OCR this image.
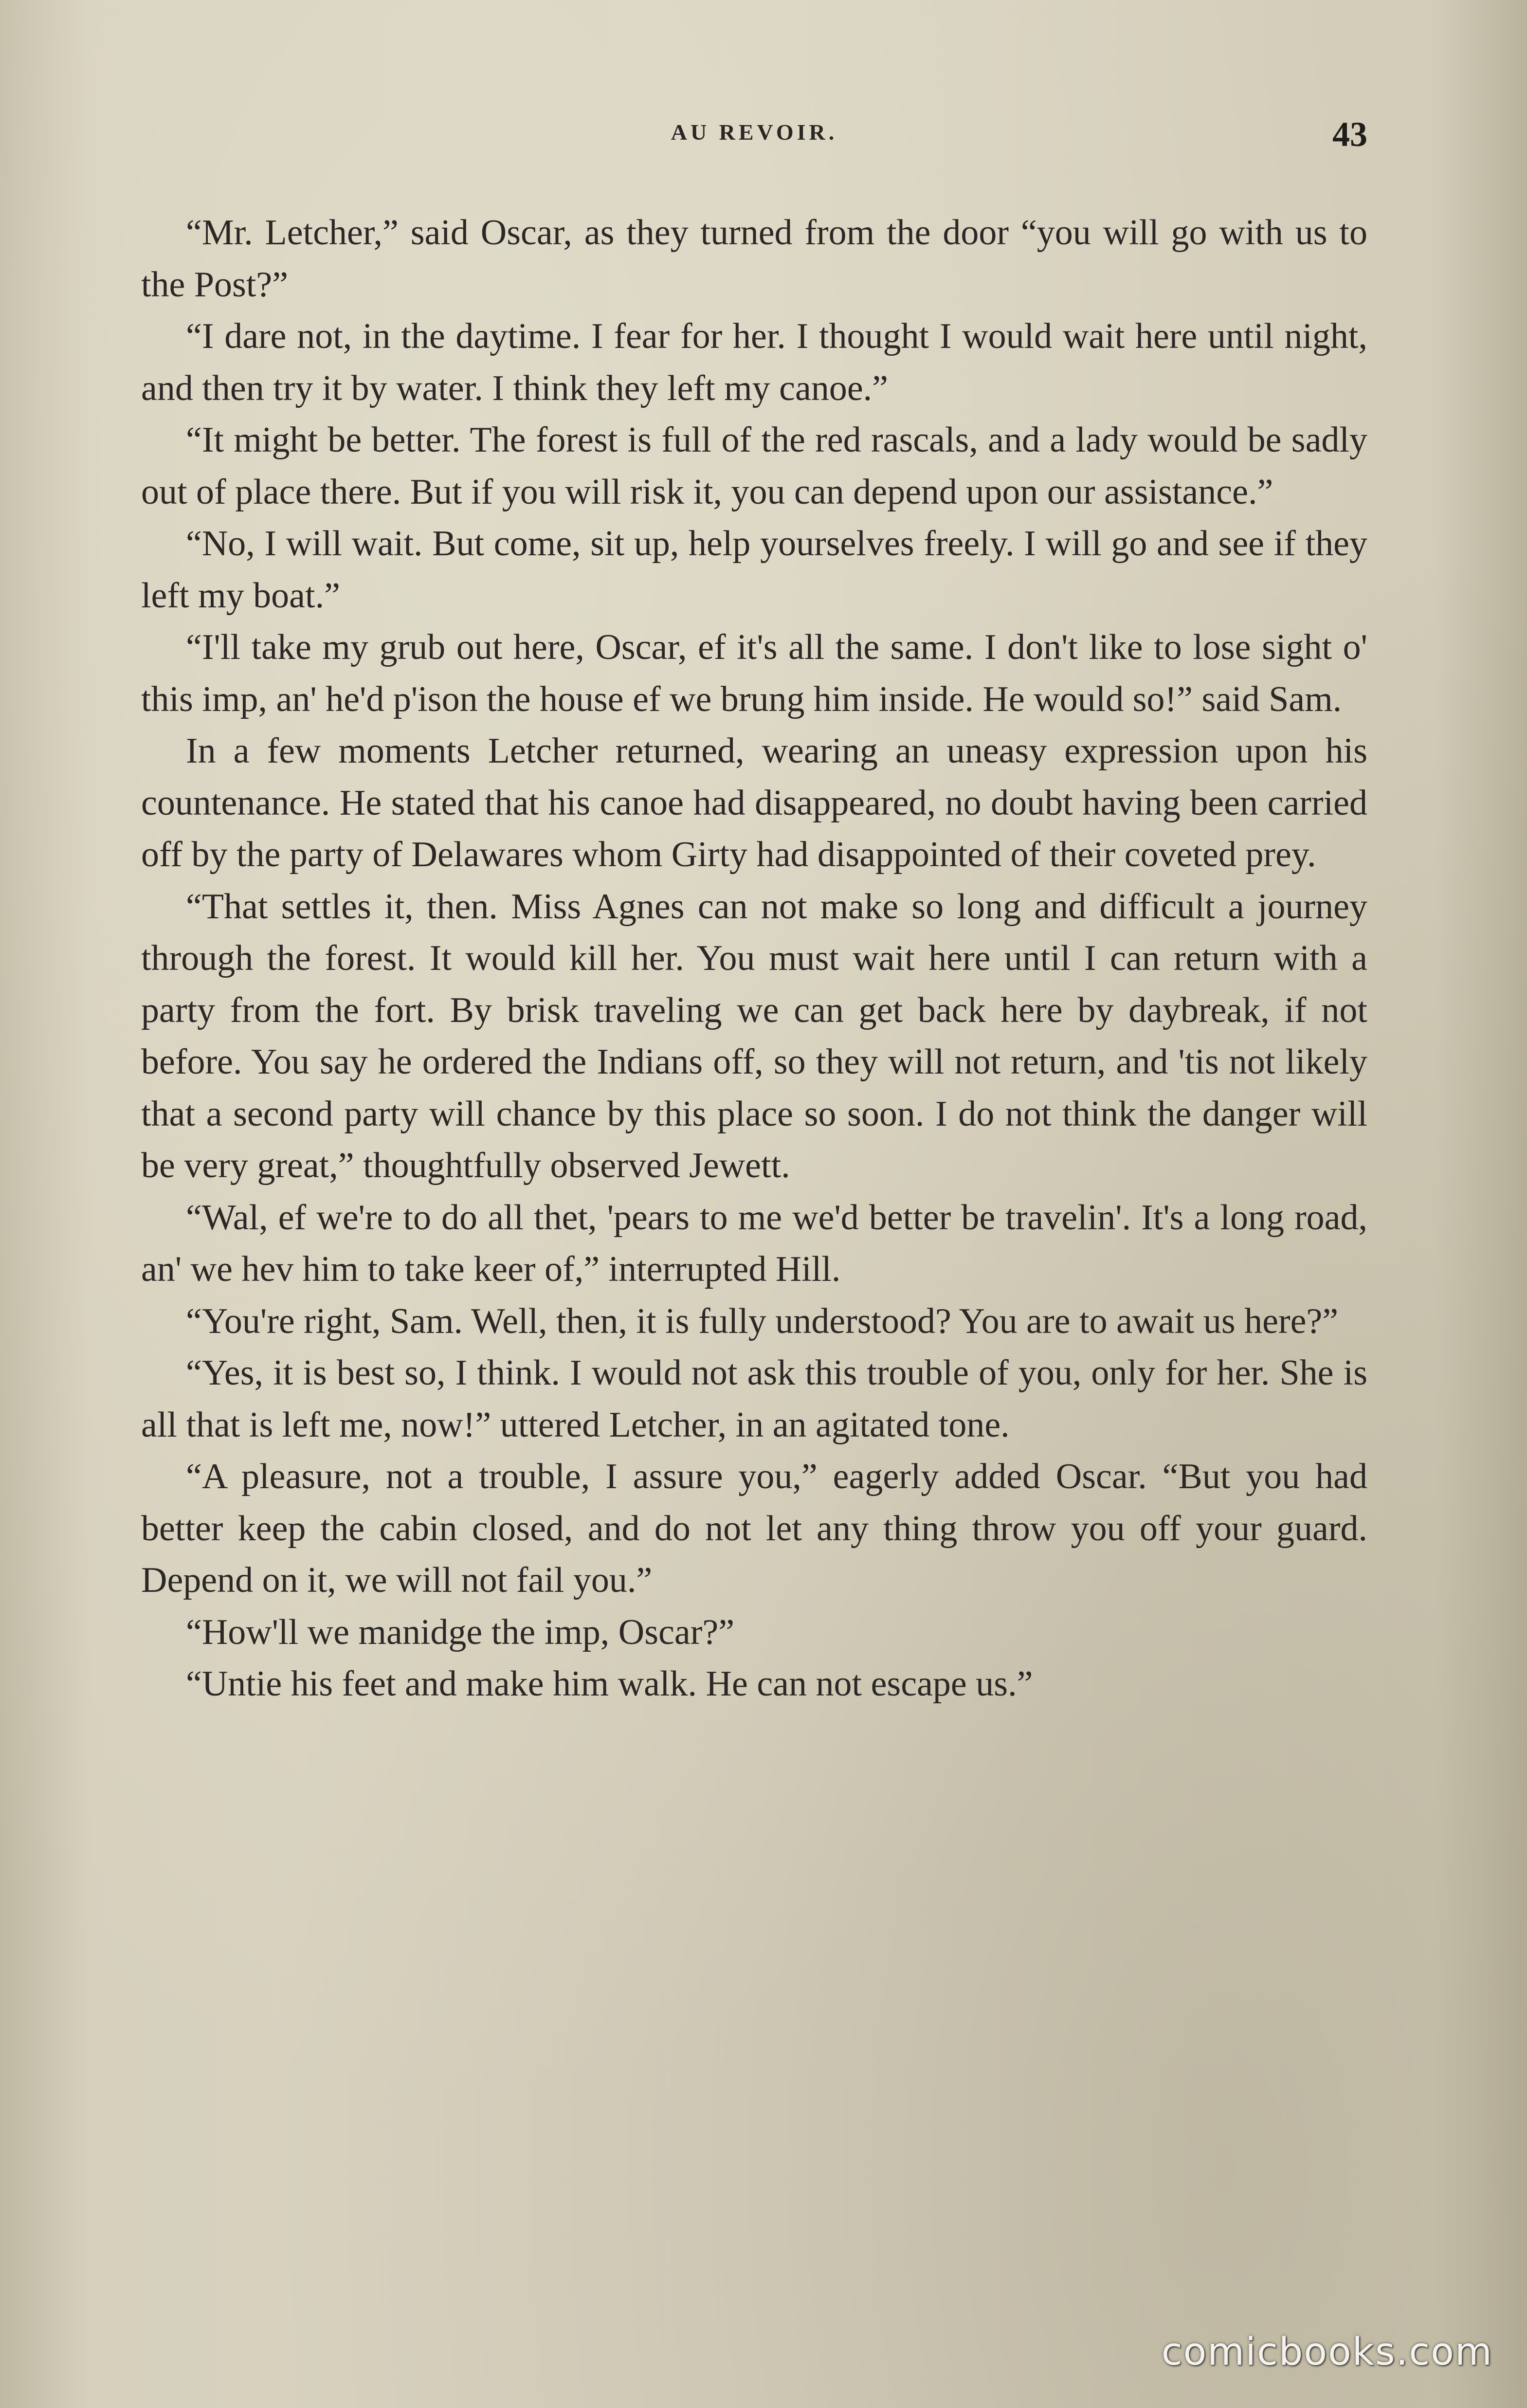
AU REVOIR.	43

“Mr. Letcher,” said Oscar, as they turned from the door “you will go with us to the Post?”

“I dare not, in the daytime. I fear for her. I thought I would wait here until night, and then try it by water. I think they left my canoe.”

“It might be better. The forest is full of the red rascals, and a lady would be sadly out of place there. But if you will risk it, you can depend upon our assistance.”

“No, I will wait. But come, sit up, help yourselves freely. I will go and see if they left my boat.”

“I'll take my grub out here, Oscar, ef it's all the same. I don't like to lose sight o' this imp, an' he'd p'ison the house ef we brung him inside. He would so!” said Sam.

In a few moments Letcher returned, wearing an uneasy expression upon his countenance. He stated that his canoe had disappeared, no doubt having been carried off by the party of Delawares whom Girty had disappointed of their coveted prey.

“That settles it, then. Miss Agnes can not make so long and difficult a journey through the forest. It would kill her. You must wait here until I can return with a party from the fort. By brisk traveling we can get back here by daybreak, if not before. You say he ordered the Indians off, so they will not return, and 'tis not likely that a second party will chance by this place so soon. I do not think the danger will be very great,” thoughtfully observed Jewett.

“Wal, ef we're to do all thet, 'pears to me we'd better be travelin'. It's a long road, an' we hev him to take keer of,” interrupted Hill.

“You're right, Sam. Well, then, it is fully understood? You are to await us here?”

“Yes, it is best so, I think. I would not ask this trouble of you, only for her. She is all that is left me, now!” uttered Letcher, in an agitated tone.

“A pleasure, not a trouble, I assure you,” eagerly added Oscar. “But you had better keep the cabin closed, and do not let any thing throw you off your guard. Depend on it, we will not fail you.”

“How'll we manidge the imp, Oscar?”

“Untie his feet and make him walk. He can not escape us.”

comicbooks.com
